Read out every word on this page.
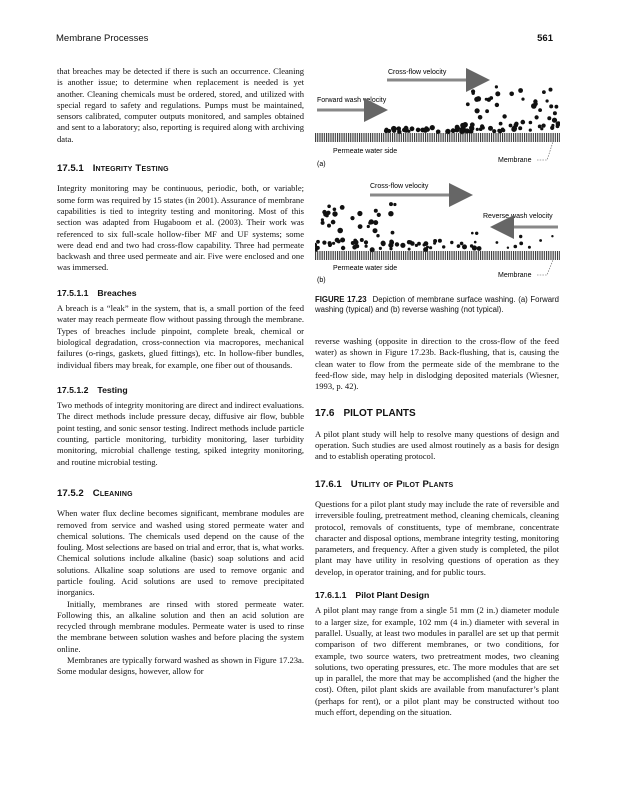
Membrane Processes	561

that breaches may be detected if there is such an occurrence. Cleaning is another issue; to determine when replacement is needed is yet another. Cleaning chemicals must be ordered, stored, and utilized with special regard to safety and regulations. Pumps must be maintained, sensors calibrated, computer outputs monitored, and samples obtained and sent to a laboratory; also, reporting is required along with archiving data.

17.5.1 Integrity Testing

Integrity monitoring may be continuous, periodic, both, or variable; some form was required by 15 states (in 2001). Assurance of membrane capabilities is tied to integrity testing and monitoring. Most of this section was adapted from Hugaboom et al. (2003). Their work was referenced to six full-scale hollow-fiber MF and UF systems; some were dead end and two had cross-flow capability. Three had permeate backwash and three used permeate and air. Five were enclosed and one was immersed.

17.5.1.1 Breaches

A breach is a “leak” in the system, that is, a small portion of the feed water may reach permeate flow without passing through the membrane. Types of breaches include pinpoint, complete break, chemical or biological degradation, cross-connection via macropores, mechanical failures (o-rings, gaskets, glued fittings), etc. In hollow-fiber bundles, individual fibers may break, for example, one fiber out of thousands.

17.5.1.2 Testing

Two methods of integrity monitoring are direct and indirect evaluations. The direct methods include pressure decay, diffusive air flow, bubble point testing, and sonic sensor testing. Indirect methods include particle counting, particle monitoring, turbidity monitoring, laser turbidity monitoring, microbial challenge testing, spiked integrity monitoring, and routine microbial testing.

17.5.2 Cleaning

When water flux decline becomes significant, membrane modules are removed from service and washed using stored permeate water and chemical solutions. The chemicals used depend on the cause of the fouling. Most selections are based on trial and error, that is, what works. Chemical solutions include alkaline (basic) soap solutions and acid solutions. Alkaline soap solutions are used to remove organic and particle fouling. Acid solutions are used to remove precipitated inorganics.

Initially, membranes are rinsed with stored permeate water. Following this, an alkaline solution and then an acid solution are recycled through membrane modules. Permeate water is used to rinse the membrane between solution washes and before placing the system online.

Membranes are typically forward washed as shown in Figure 17.23a. Some modular designs, however, allow for

Cross-flow velocity
Forward wash velocity
Permeate water side
(a)
Membrane
Cross-flow velocity
Reverse wash velocity
Permeate water side
(b)
Membrane
FIGURE 17.23 Depiction of membrane surface washing. (a) Forward washing (typical) and (b) reverse washing (not typical).

reverse washing (opposite in direction to the cross-flow of the feed water) as shown in Figure 17.23b. Back-flushing, that is, causing the clean water to flow from the permeate side of the membrane to the feed-flow side, may help in dislodging deposited materials (Wiesner, 1993, p. 42).

17.6 PILOT PLANTS

A pilot plant study will help to resolve many questions of design and operation. Such studies are used almost routinely as a basis for design and to establish operating protocol.

17.6.1 Utility of Pilot Plants

Questions for a pilot plant study may include the rate of reversible and irreversible fouling, pretreatment method, cleaning chemicals, cleaning protocol, removals of constituents, type of membrane, concentrate character and disposal options, membrane integrity testing, monitoring parameters, and frequency. After a given study is completed, the pilot plant may have utility in resolving questions of operation as they develop, in operator training, and for public tours.

17.6.1.1 Pilot Plant Design

A pilot plant may range from a single 51 mm (2 in.) diameter module to a larger size, for example, 102 mm (4 in.) diameter with several in parallel. Usually, at least two modules in parallel are set up that permit comparison of two different membranes, or two conditions, for example, two source waters, two pretreatment modes, two cleaning solutions, two operating pressures, etc. The more modules that are set up in parallel, the more that may be accomplished (and the higher the cost). Often, pilot plant skids are available from manufacturer’s plant (perhaps for rent), or a pilot plant may be constructed without too much effort, depending on the situation.
